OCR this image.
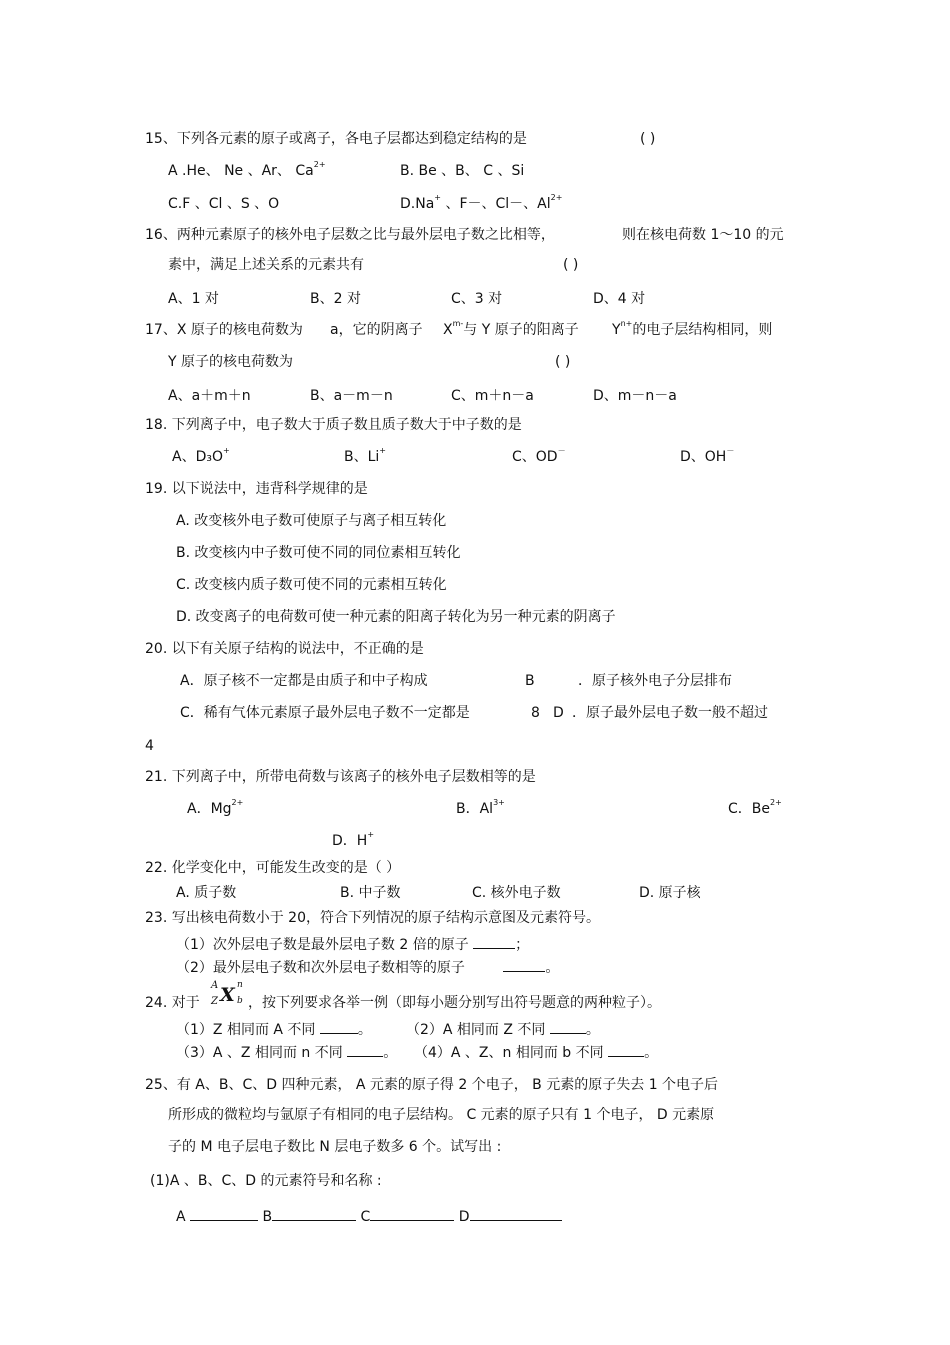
15、下列各元素的原子或离子，各电子层都达到稳定结构的是	( )
A .He、 Ne 、Ar、 $Ca^{2+}$	B. Be 、B、 C 、Si
C.F 、Cl 、S 、O	D.Na+ 、F－、Cl－、$Al^{2+}$
16、两种元素原子的核外电子层数之比与最外层电子数之比相等，	则在核电荷数 1～10 的元
素中，满足上述关系的元素共有	( )
A、1 对	B、2 对	C、3 对	D、4 对
17、X 原子的核电荷数为 a，它的阴离子 $X^{m-}$与 Y 原子的阳离子 $Y^{n+}$的电子层结构相同，则
Y 原子的核电荷数为	( )
A、a＋m＋n	B、a－m－n	C、m＋n－a	D、m－n－a
18. 下列离子中，电子数大于质子数且质子数大于中子数的是
A、D₃O+	B、Li+	C、OD－	D、OH－
19. 以下说法中，违背科学规律的是
A. 改变核外电子数可使原子与离子相互转化
B. 改变核内中子数可使不同的同位素相互转化
C. 改变核内质子数可使不同的元素相互转化
D. 改变离子的电荷数可使一种元素的阳离子转化为另一种元素的阴离子
20. 以下有关原子结构的说法中，不正确的是
A．原子核不一定都是由质子和中子构成	B	．原子核外电子分层排布
C．稀有气体元素原子最外层电子数不一定都是	8 D ．原子最外层电子数一般不超过
4
21. 下列离子中，所带电荷数与该离子的核外电子层数相等的是
A．$Mg^{2+}$	B．$Al^{3+}$	C．$Be^{2+}$
D．H+
22. 化学变化中，可能发生改变的是（ ）
A. 质子数	B. 中子数	C. 核外电子数	D. 原子核
23. 写出核电荷数小于 20，符合下列情况的原子结构示意图及元素符号。
（1）次外层电子数是最外层电子数 2 倍的原子	；
（2）最外层电子数和次外层电子数相等的原子	。
24. 对于
A
Z X n
b ，按下列要求各举一例（即每小题分别写出符号题意的两种粒子）。
（1）Z 相同而 A 不同	。 （2）A 相同而 Z 不同	。
（3）A 、Z 相同而 n 不同	。 （4）A 、Z、n 相同而 b 不同	。
25、有 A、B、C、D 四种元素， A 元素的原子得 2 个电子， B 元素的原子失去 1 个电子后
所形成的微粒均与氩原子有相同的电子层结构。 C 元素的原子只有 1 个电子， D 元素原
子的 M 电子层电子数比 N 层电子数多 6 个。试写出 :
(1)A 、B、C、D 的元素符号和名称 :
A	B	C	D
